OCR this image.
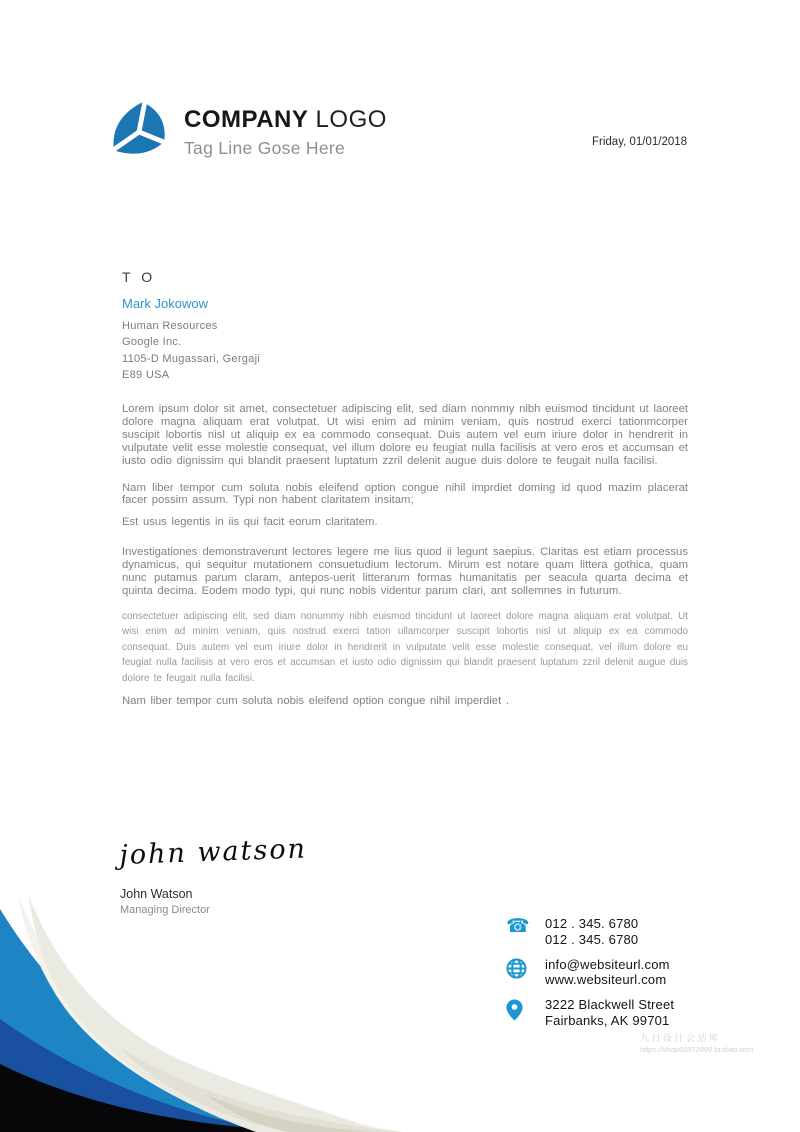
COMPANY LOGO
Tag Line Gose Here	Friday, 01/01/2018
T O
Mark Jokowow
Human Resources
Google Inc.
1105-D Mugassari, Gergaji
E89 USA

Lorem ipsum dolor sit amet, consectetuer adipiscing elit, sed diam nonmmy nibh euismod tincidunt ut laoreet dolore magna aliquam erat volutpat. Ut wisi enim ad minim veniam, quis nostrud exerci tationmcorper suscipit lobortis nisl ut aliquip ex ea commodo consequat. Duis autem vel eum iriure dolor in hendrerit in vulputate velit esse molestie consequat, vel illum dolore eu feugiat nulla facilisis at vero eros et accumsan et iusto odio dignissim qui blandit praesent luptatum zzril delenit augue duis dolore te feugait nulla facilisi.

Nam liber tempor cum soluta nobis eleifend option congue nihil imprdiet doming id quod mazim placerat facer possim assum. Typi non habent claritatem insitam;

Est usus legentis in iis qui facit eorum claritatem.

Investigationes demonstraverunt lectores legere me lius quod ii legunt saepius. Claritas est etiam processus dynamicus, qui sequitur mutationem consuetudium lectorum. Mirum est notare quam littera gothica, quam nunc putamus parum claram, antepos-uerit litterarum formas humanitatis per seacula quarta decima et quinta decima. Eodem modo typi, qui nunc nobis videntur parum clari, ant sollemnes in futurum.

consectetuer adipiscing elit, sed diam nonummy nibh euismod tincidunt ut laoreet dolore magna aliquam erat volutpat. Ut wisi enim ad minim veniam, quis nostrud exerci tation ullamcorper suscipit lobortis nisl ut aliquip ex ea commodo consequat. Duis autem vel eum iriure dolor in hendrerit in vulputate velit esse molestie consequat, vel illum dolore eu feugiat nulla facilisis at vero eros et accumsan et iusto odio dignissim qui blandit praesent luptatum zzril delenit augue duis dolore te feugait nulla facilisi.

Nam liber tempor cum soluta nobis eleifend option congue nihil imperdiet .

john watson
John Watson
Managing Director
☎	012 . 345. 6780
012 . 345. 6780
info@websiteurl.com
www.websiteurl.com
3222 Blackwell Street
Fairbanks, AK 99701
九日设计会站库
https://shop60372899.taobao.com
